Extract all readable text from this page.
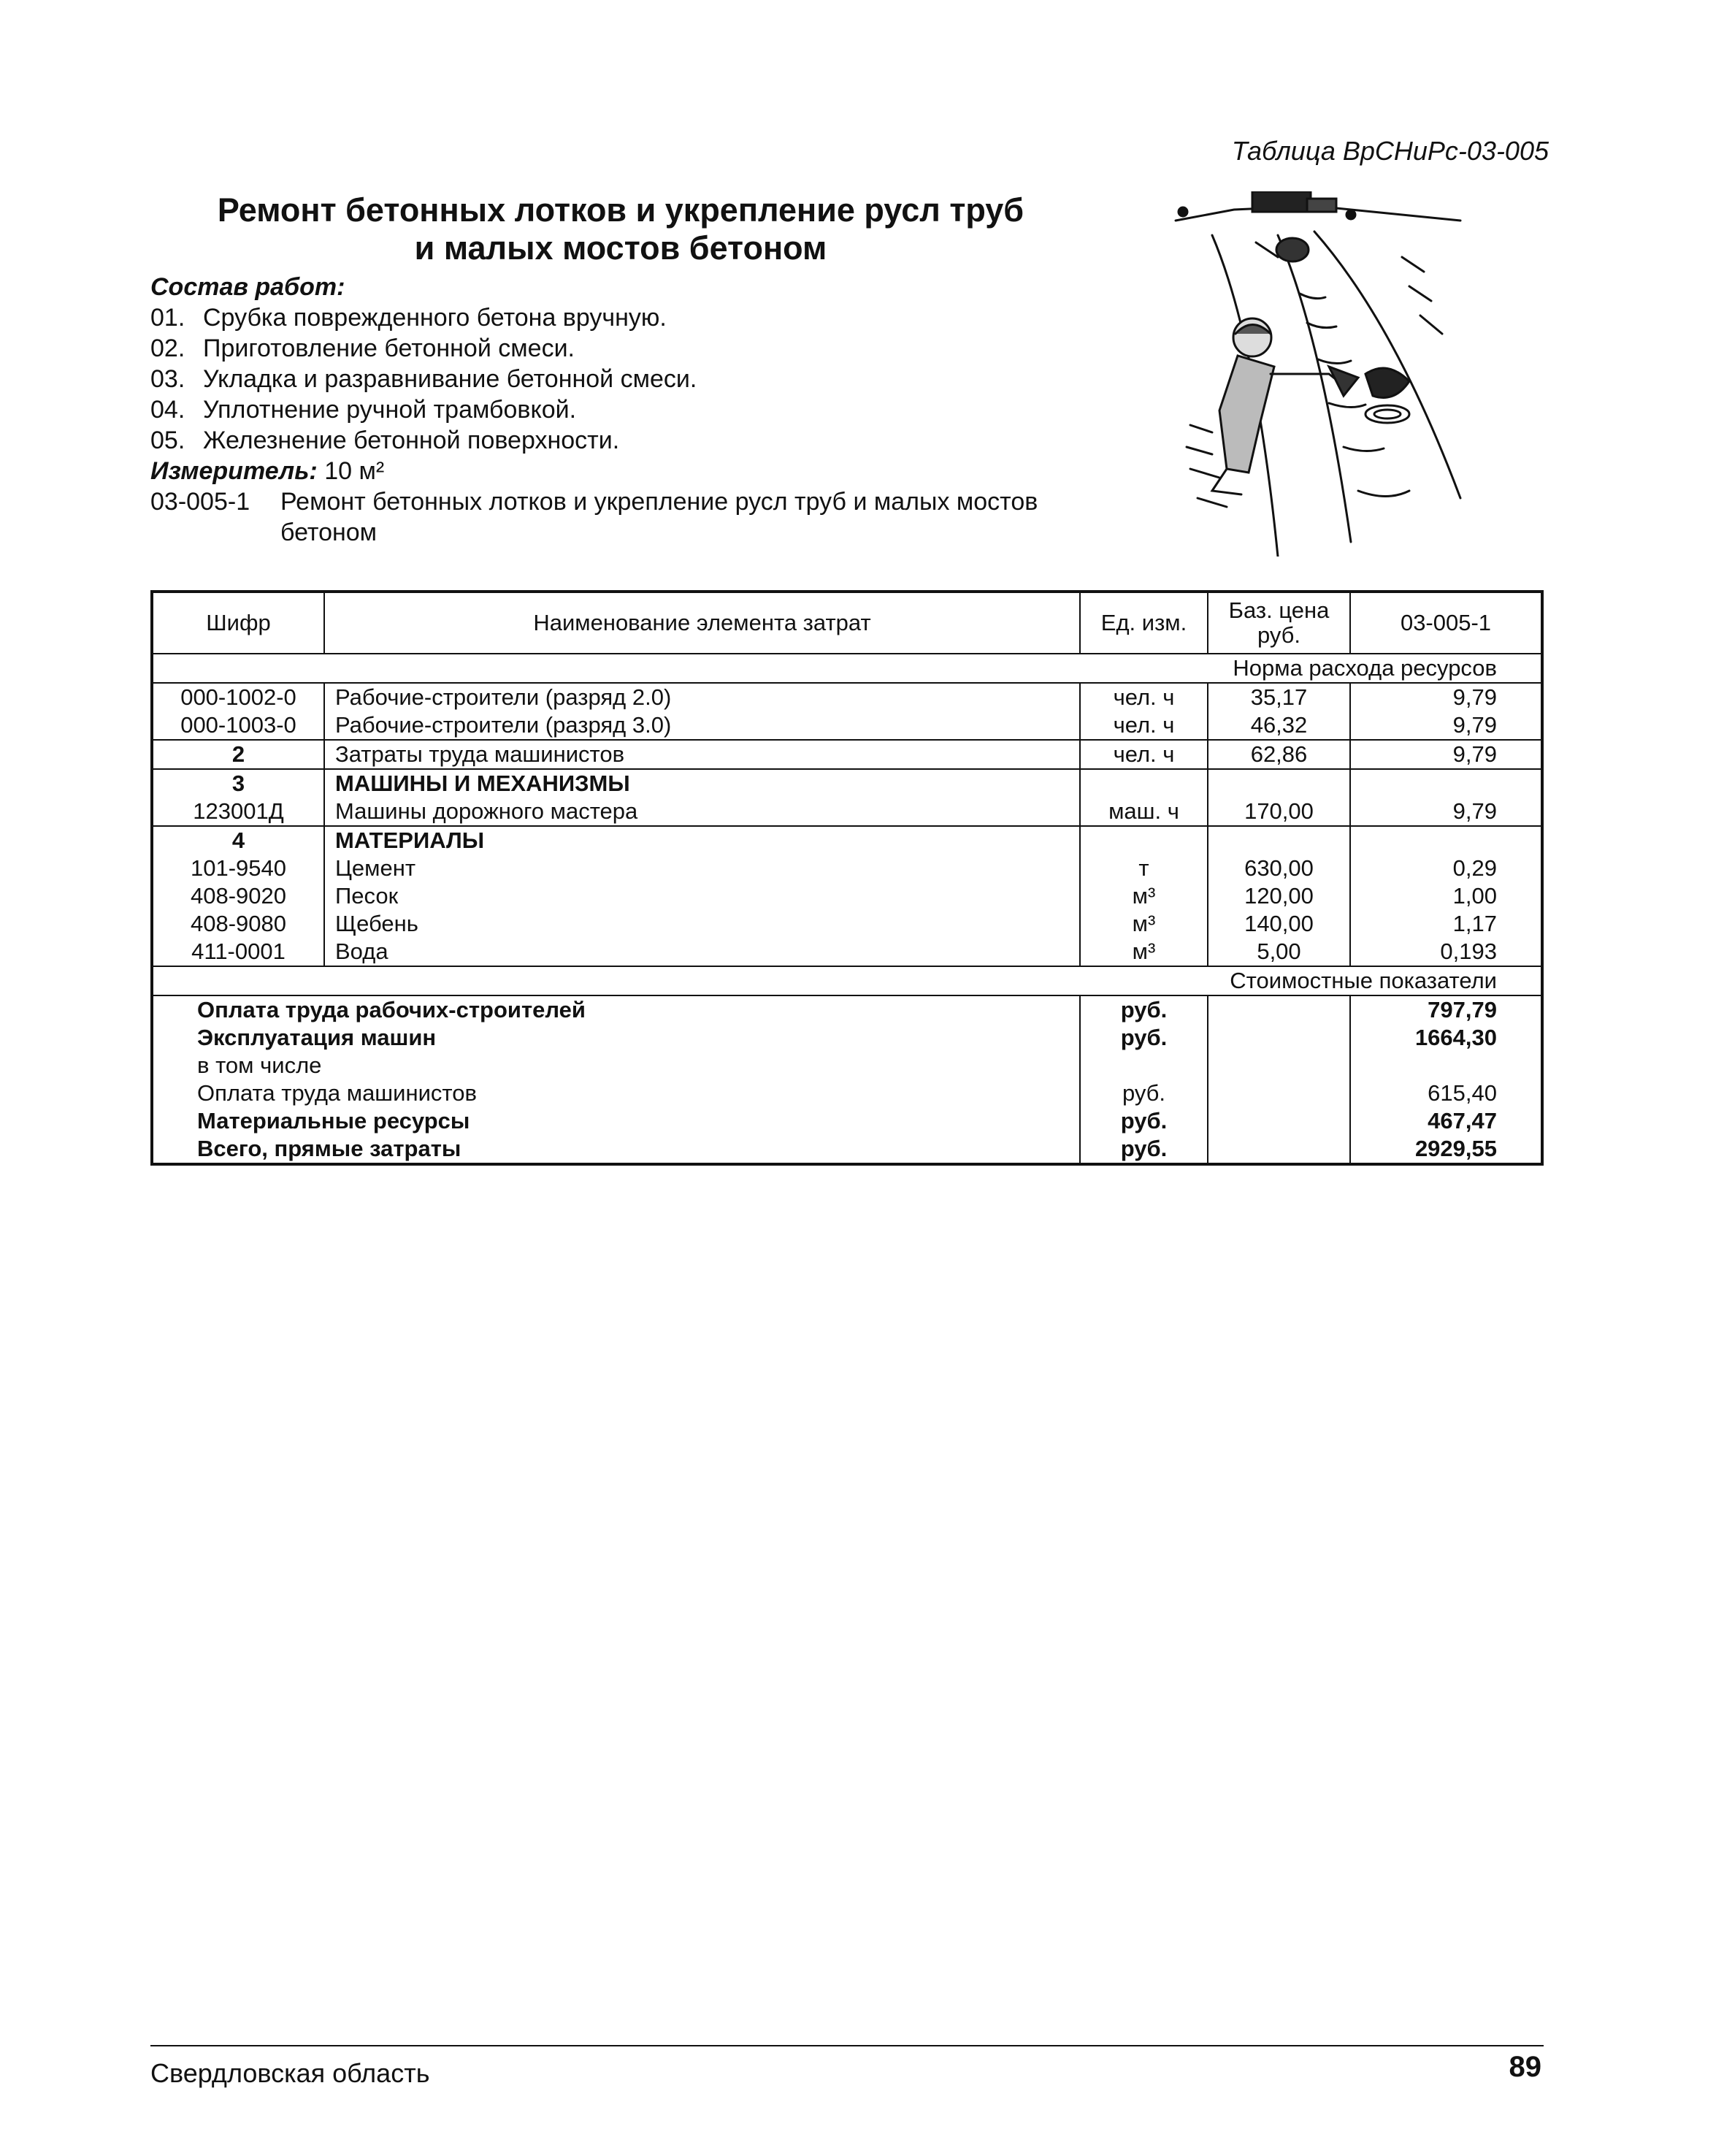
Таблица ВрСНиРс-03-005
Ремонт бетонных лотков и укрепление русл труб
и малых мостов бетоном
Состав работ:
01. Срубка поврежденного бетона вручную.
02. Приготовление бетонной смеси.
03. Укладка и разравнивание бетонной смеси.
04. Уплотнение ручной трамбовкой.
05. Железнение бетонной поверхности.
Измеритель: 10 м²
03-005-1	Ремонт бетонных лотков и укрепление русл труб и малых мостов бетоном
Шифр	Наименование элемента затрат	Ед. изм.	Баз. цена руб.	03-005-1
Норма расхода ресурсов				
000-1002-0	Рабочие-строители (разряд 2.0)	чел. ч	35,17	9,79
000-1003-0	Рабочие-строители (разряд 3.0)	чел. ч	46,32	9,79
2	Затраты труда машинистов	чел. ч	62,86	9,79
3	МАШИНЫ И МЕХАНИЗМЫ			
123001Д	Машины дорожного мастера	маш. ч	170,00	9,79
4	МАТЕРИАЛЫ			
101-9540	Цемент	т	630,00	0,29
408-9020	Песок	м³	120,00	1,00
408-9080	Щебень	м³	140,00	1,17
411-0001	Вода	м³	5,00	0,193
Стоимостные показатели				
Оплата труда рабочих-строителей		руб.		797,79
Эксплуатация машин		руб.		1664,30
в том числе				
Оплата труда машинистов		руб.		615,40
Материальные ресурсы		руб.		467,47
Всего, прямые затраты		руб.		2929,55
Свердловская область	89
